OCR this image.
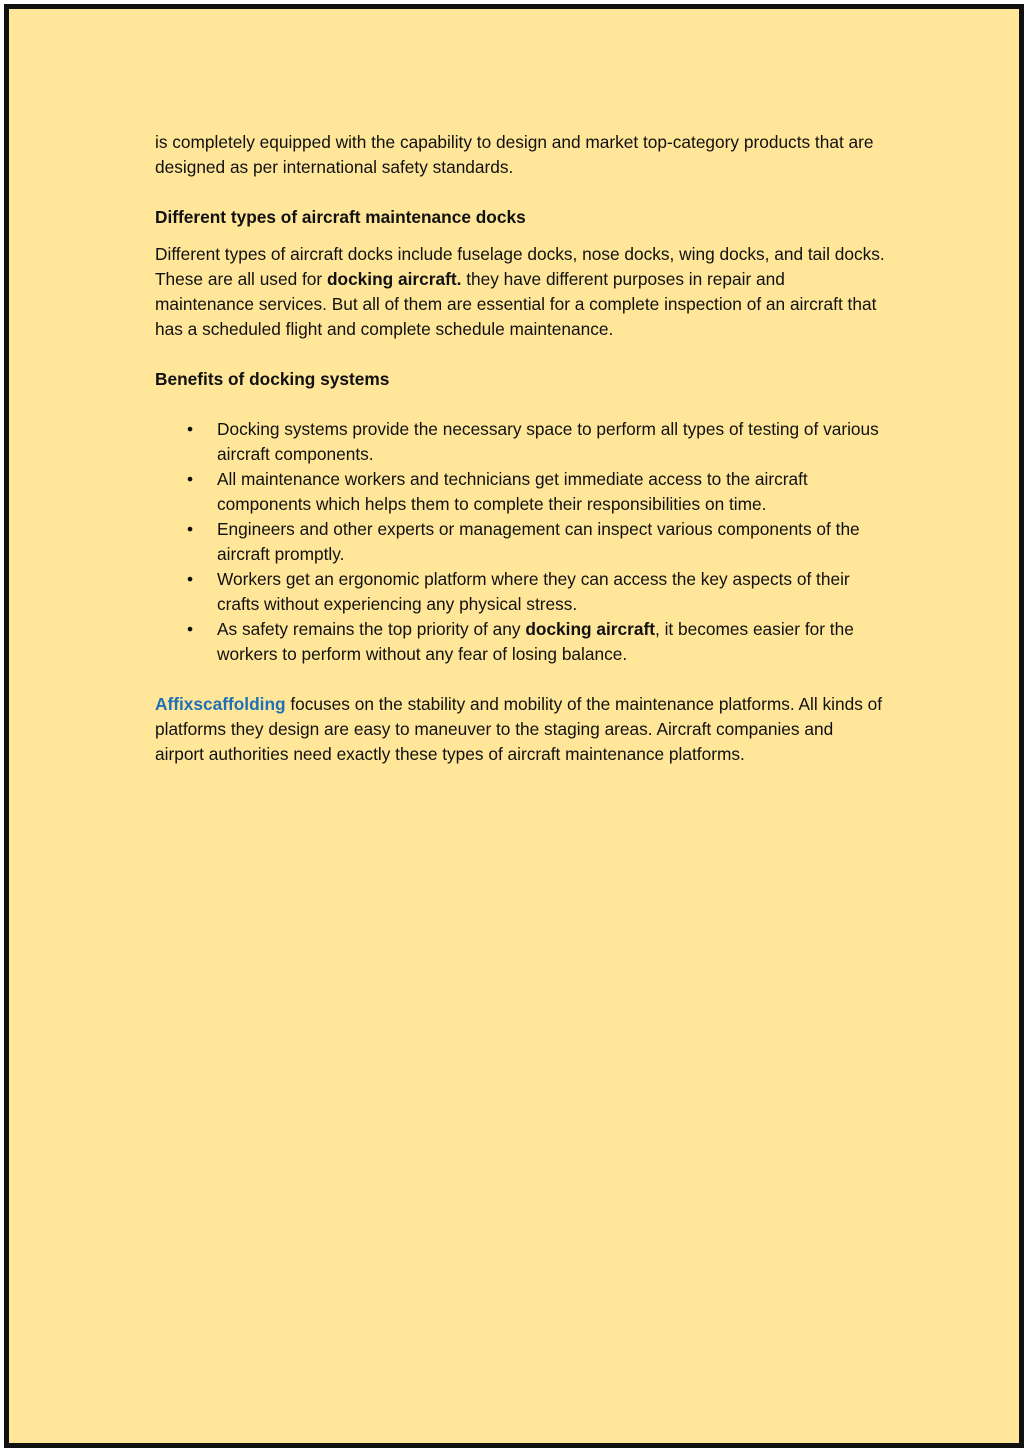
is completely equipped with the capability to design and market top-category products that are designed as per international safety standards.

Different types of aircraft maintenance docks

Different types of aircraft docks include fuselage docks, nose docks, wing docks, and tail docks. These are all used for docking aircraft. they have different purposes in repair and maintenance services. But all of them are essential for a complete inspection of an aircraft that has a scheduled flight and complete schedule maintenance.

Benefits of docking systems
• Docking systems provide the necessary space to perform all types of testing of various aircraft components.
• All maintenance workers and technicians get immediate access to the aircraft components which helps them to complete their responsibilities on time.
• Engineers and other experts or management can inspect various components of the aircraft promptly.
• Workers get an ergonomic platform where they can access the key aspects of their crafts without experiencing any physical stress.
• As safety remains the top priority of any docking aircraft, it becomes easier for the workers to perform without any fear of losing balance.

Affixscaffolding focuses on the stability and mobility of the maintenance platforms. All kinds of platforms they design are easy to maneuver to the staging areas. Aircraft companies and airport authorities need exactly these types of aircraft maintenance platforms.
